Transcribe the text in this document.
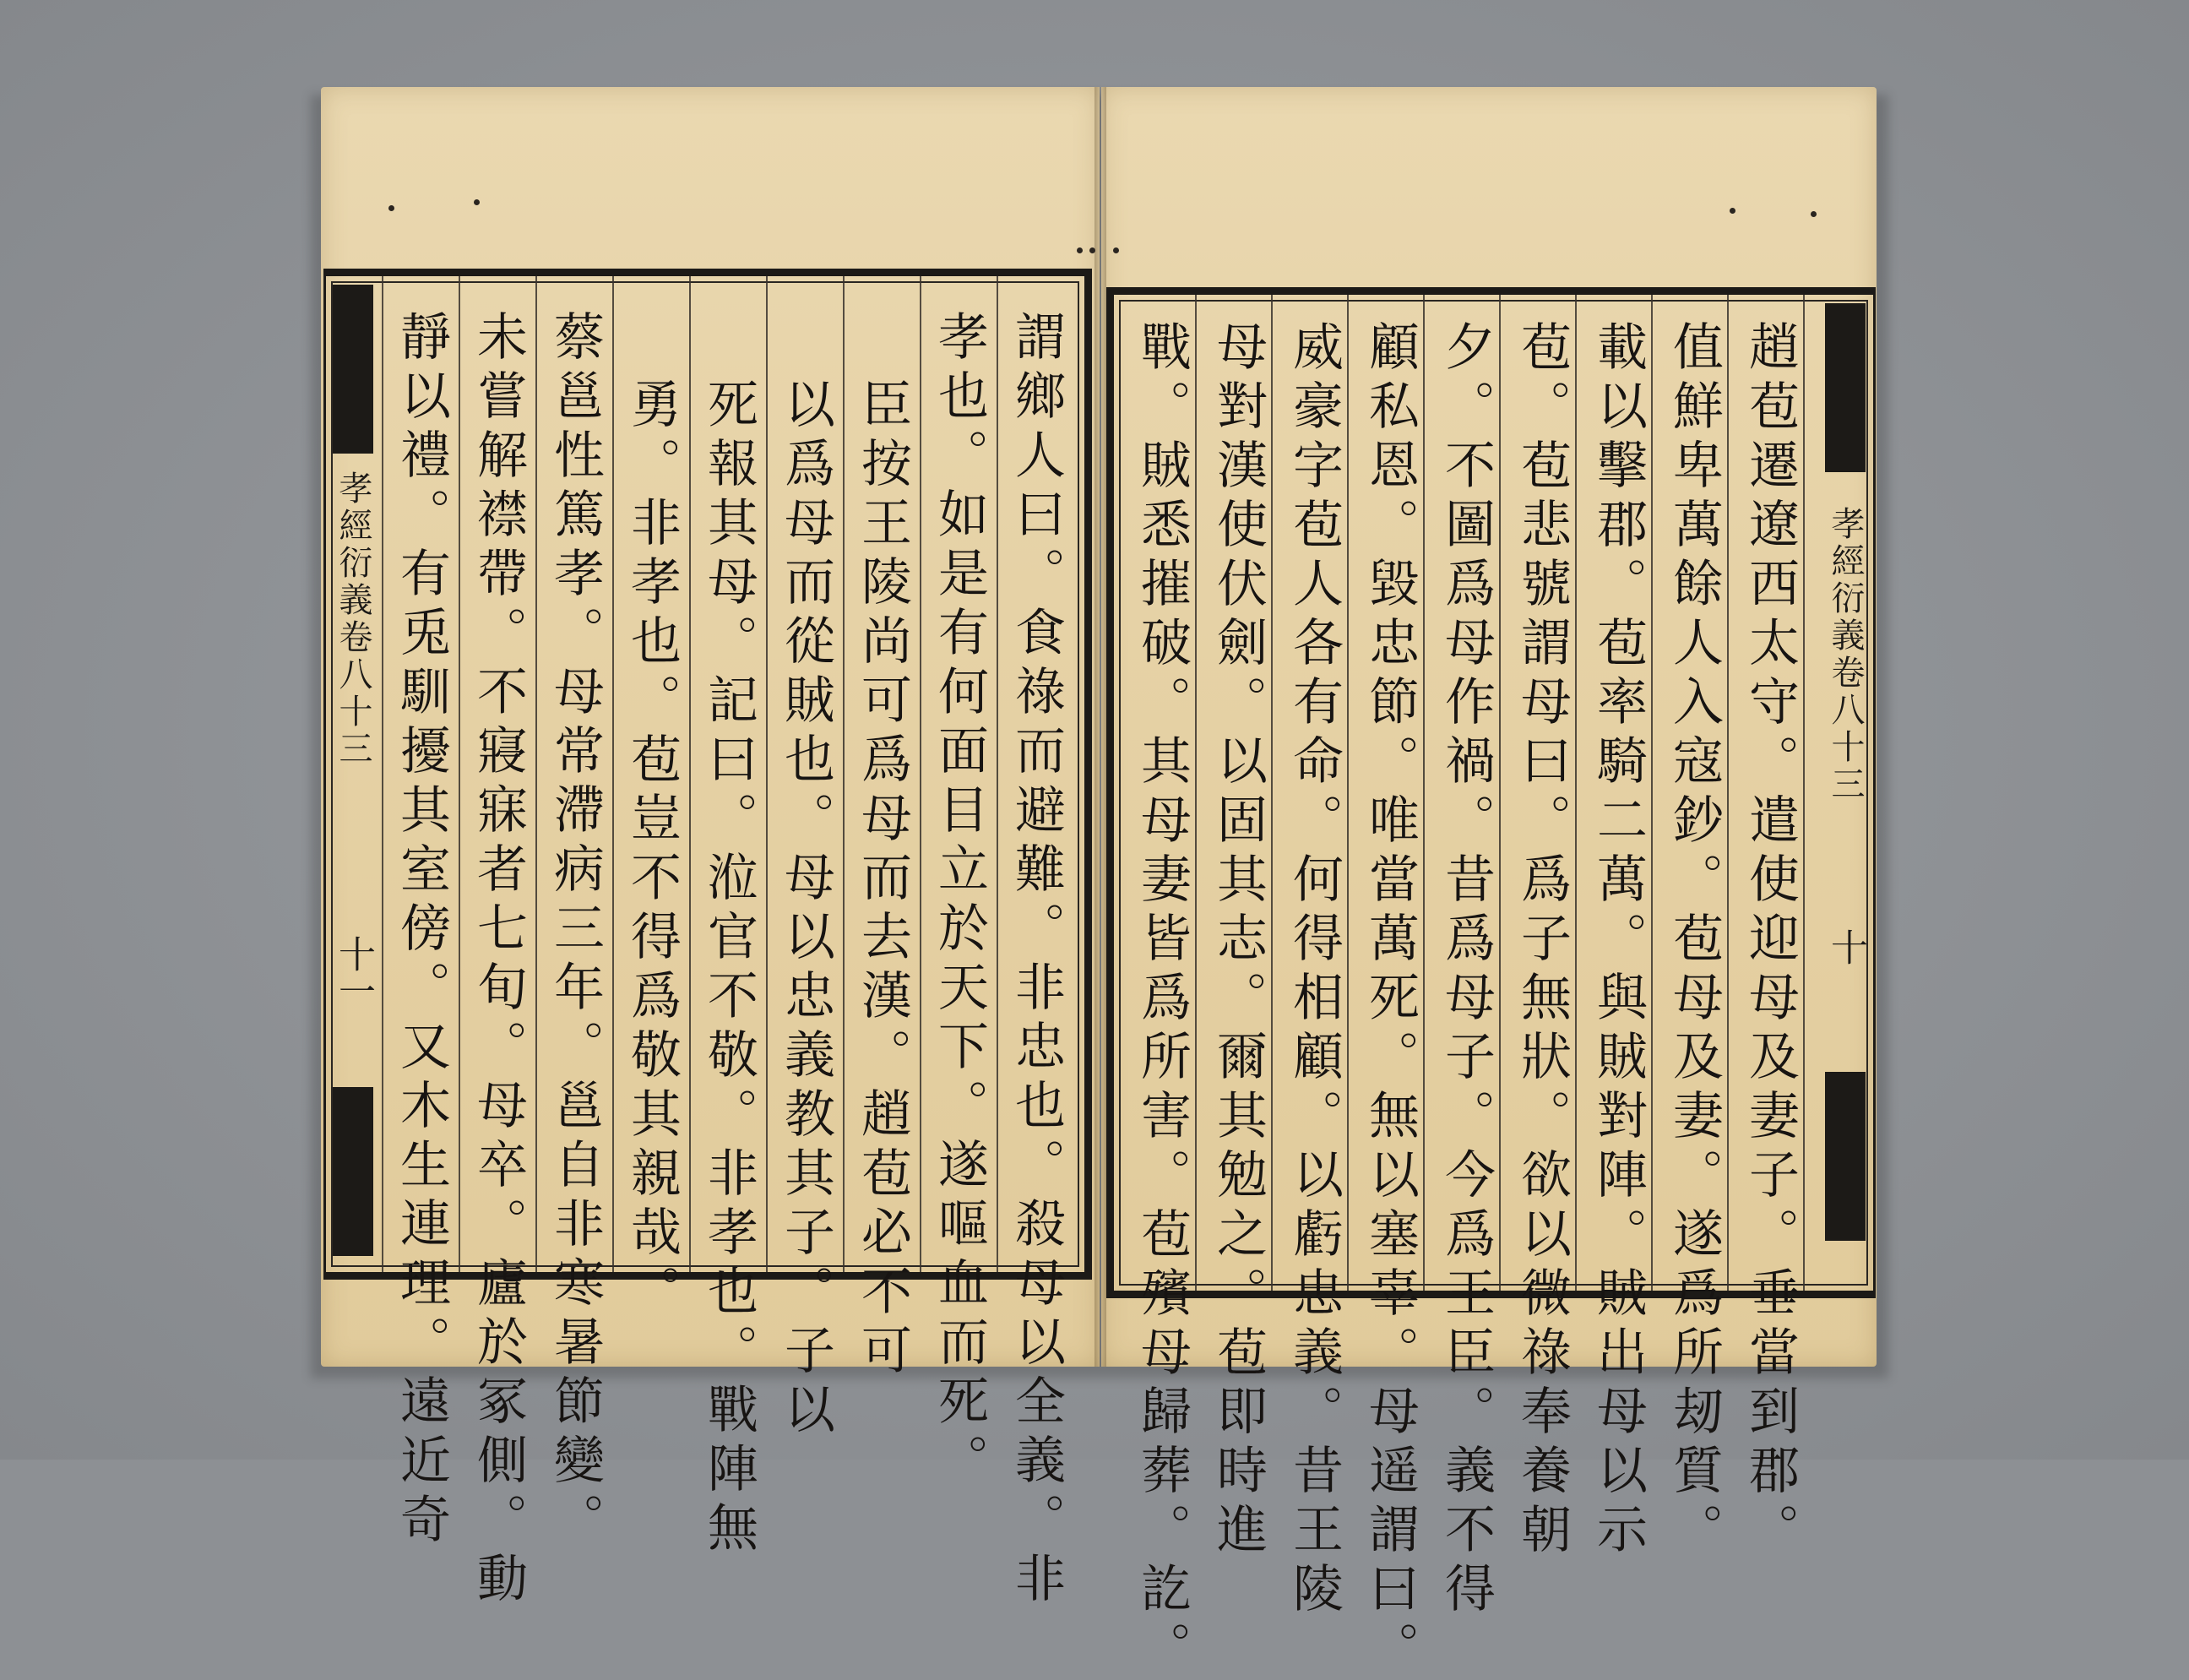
孝經衍義卷八十三
十一	謂鄉人曰。食祿而避難。非忠也。殺母以全義。非
孝也。如是有何面目立於天下。遂嘔血而死。
臣按王陵尚可爲母而去漢。趙苞必不可
以爲母而從賊也。母以忠義教其子。子以
死報其母。記曰。涖官不敬。非孝也。戰陣無
勇。非孝也。苞豈不得爲敬其親哉。
蔡邕性篤孝。母常滯病三年。邕自非寒暑節變。
未嘗解襟帶。不寢寐者七旬。母卒。廬於冢側。動
靜以禮。有兎馴擾其室傍。又木生連理。遠近奇	趙苞遷遼西太守。遣使迎母及妻子。垂當到郡。
值鮮卑萬餘人入寇鈔。苞母及妻。遂爲所刼質。
載以擊郡。苞率騎二萬。與賊對陣。賊出母以示
苞。苞悲號謂母曰。爲子無狀。欲以微祿奉養朝
夕。不圖爲母作禍。昔爲母子。今爲王臣。義不得
顧私恩。毀忠節。唯當萬死。無以塞辜。母遥謂曰。
威豪字苞人各有命。何得相顧。以虧忠義。昔王陵
母對漢使伏劍。以固其志。爾其勉之。苞即時進
戰。賊悉摧破。其母妻皆爲所害。苞殯母歸葬。訖。	孝經衍義卷八十三
十
